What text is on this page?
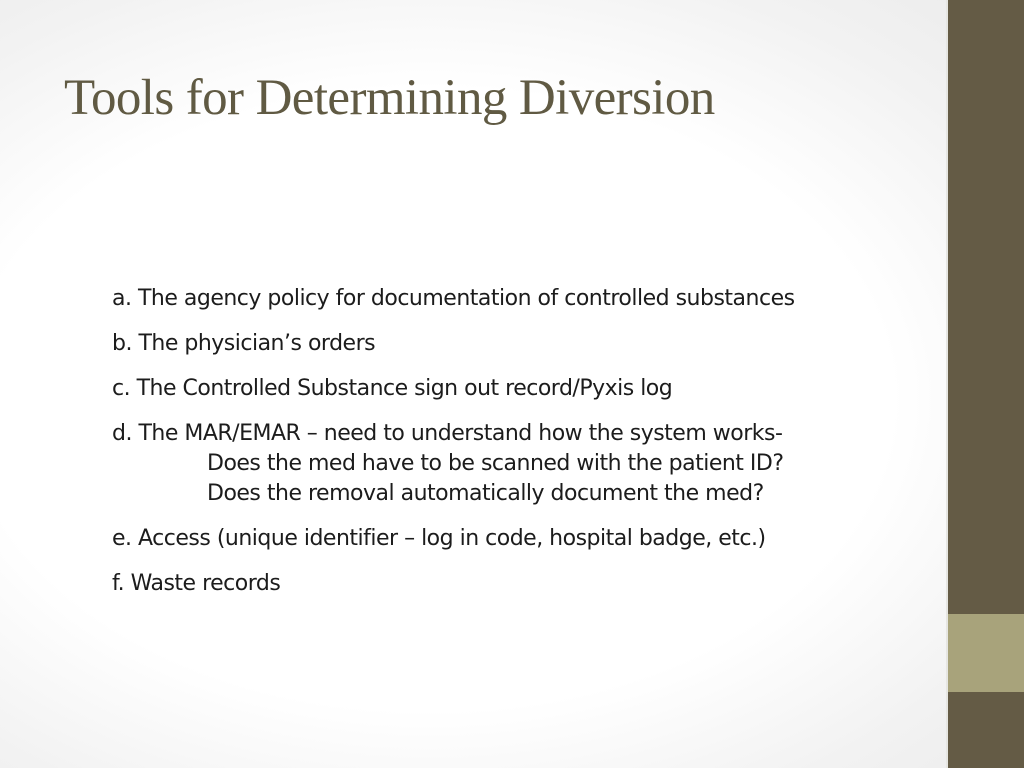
Tools for Determining Diversion
a. The agency policy for documentation of controlled substances
b. The physician’s orders
c. The Controlled Substance sign out record/Pyxis log
d. The MAR/EMAR – need to understand how the system works-
Does the med have to be scanned with the patient ID?
Does the removal automatically document the med?
e. Access (unique identifier – log in code, hospital badge, etc.)
f. Waste records
